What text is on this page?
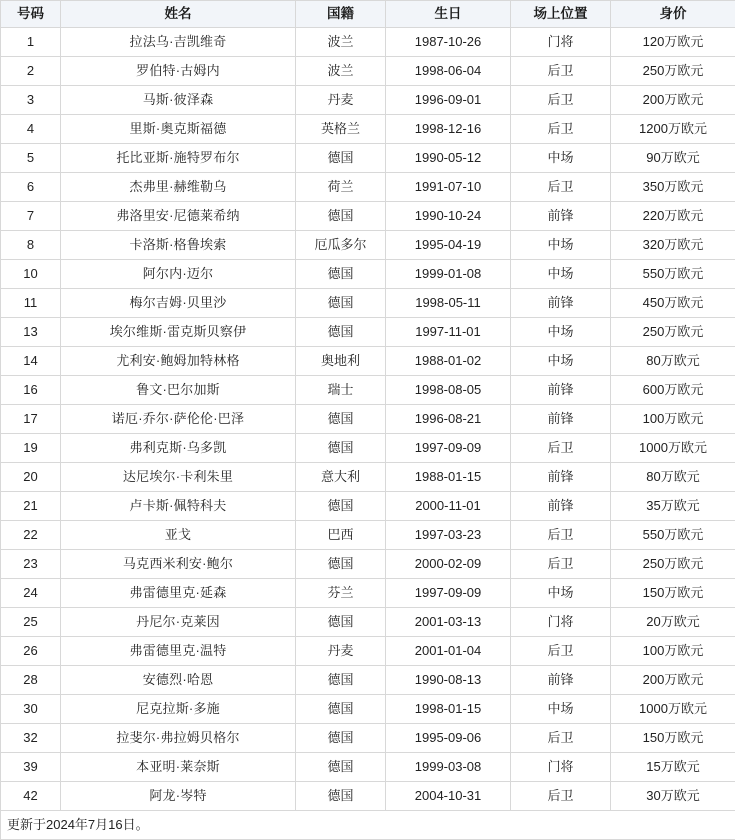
号码	姓名	国籍	生日	场上位置	身价
1	拉法乌·吉凯维奇	波兰	1987-10-26	门将	120万欧元
2	罗伯特·古姆内	波兰	1998-06-04	后卫	250万欧元
3	马斯·彼泽森	丹麦	1996-09-01	后卫	200万欧元
4	里斯·奥克斯福德	英格兰	1998-12-16	后卫	1200万欧元
5	托比亚斯·施特罗布尔	德国	1990-05-12	中场	90万欧元
6	杰弗里·赫维勒乌	荷兰	1991-07-10	后卫	350万欧元
7	弗洛里安·尼德莱希纳	德国	1990-10-24	前锋	220万欧元
8	卡洛斯·格鲁埃索	厄瓜多尔	1995-04-19	中场	320万欧元
10	阿尔内·迈尔	德国	1999-01-08	中场	550万欧元
11	梅尔吉姆·贝里沙	德国	1998-05-11	前锋	450万欧元
13	埃尔维斯·雷克斯贝察伊	德国	1997-11-01	中场	250万欧元
14	尤利安·鲍姆加特林格	奥地利	1988-01-02	中场	80万欧元
16	鲁文·巴尔加斯	瑞士	1998-08-05	前锋	600万欧元
17	诺厄·乔尔·萨伦伦·巴泽	德国	1996-08-21	前锋	100万欧元
19	弗利克斯·乌多凯	德国	1997-09-09	后卫	1000万欧元
20	达尼埃尔·卡利朱里	意大利	1988-01-15	前锋	80万欧元
21	卢卡斯·佩特科夫	德国	2000-11-01	前锋	35万欧元
22	亚戈	巴西	1997-03-23	后卫	550万欧元
23	马克西米利安·鲍尔	德国	2000-02-09	后卫	250万欧元
24	弗雷德里克·延森	芬兰	1997-09-09	中场	150万欧元
25	丹尼尔·克莱因	德国	2001-03-13	门将	20万欧元
26	弗雷德里克·温特	丹麦	2001-01-04	后卫	100万欧元
28	安德烈·哈恩	德国	1990-08-13	前锋	200万欧元
30	尼克拉斯·多施	德国	1998-01-15	中场	1000万欧元
32	拉斐尔·弗拉姆贝格尔	德国	1995-09-06	后卫	150万欧元
39	本亚明·莱奈斯	德国	1999-03-08	门将	15万欧元
42	阿龙·岑特	德国	2004-10-31	后卫	30万欧元
更新于2024年7月16日。					
